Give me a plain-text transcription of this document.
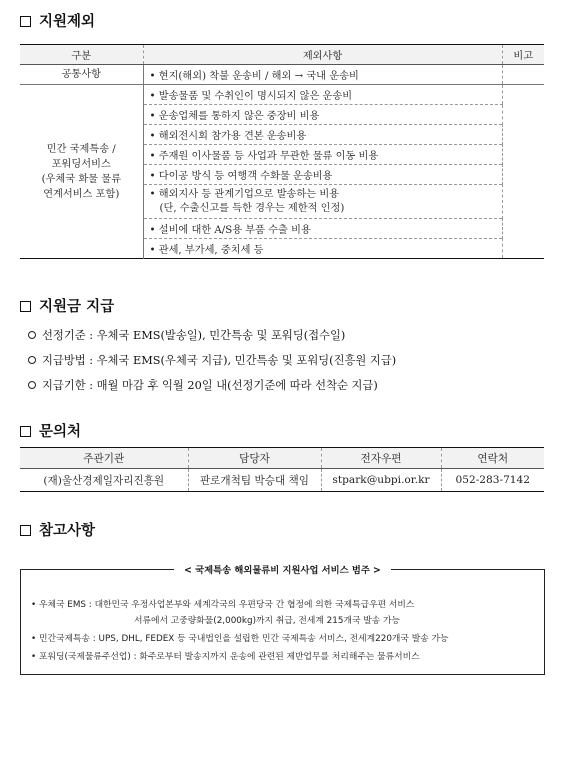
지원제외
구분	제외사항	비고
공통사항	• 현지(해외) 착불 운송비 / 해외 → 국내 운송비	

민간 국제특송 /
포워딩서비스
(우체국 화물 물류
연계서비스 포함)	• 발송물품 및 수취인이 명시되지 않은 운송비	
	• 운송업체를 통하지 않은 중장비 비용	
	• 해외전시회 참가용 견본 운송비용	
	• 주재원 이사물품 등 사업과 무관한 물류 이동 비용	
	• 다이공 방식 등 여행객 수화물 운송비용	
	• 해외지사 등 관계기업으로 발송하는 비용
(단, 수출신고를 득한 경우는 제한적 인정)	

	• 설비에 대한 A/S용 부품 수출 비용	
	• 관세, 부가세, 중치세 등	
지원금 지급
선정기준 : 우체국 EMS(발송일), 민간특송 및 포워딩(접수일)
지급방법 : 우체국 EMS(우체국 지급), 민간특송 및 포워딩(진흥원 지급)
지급기한 : 매월 마감 후 익월 20일 내(선정기준에 따라 선착순 지급)
문의처
주관기관	담당자	전자우편	연락처
(재)울산경제일자리진흥원	판로개척팀 박승대 책임	stpark@ubpi.or.kr	052-283-7142
참고사항
• 우체국 EMS : 대한민국 우정사업본부와 세계각국의 우편당국 간 협정에 의한 국제특급우편 서비스
서류에서 고중량화물(2,000kg)까지 취급, 전세계 215개국 발송 가능
• 민간국제특송 : UPS, DHL, FEDEX 등 국내법인을 설립한 민간 국제특송 서비스, 전세계220개국 발송 가능
• 포워딩(국제물류주선업) : 화주로부터 발송지까지 운송에 관련된 제반업무를 처리해주는 물류서비스
< 국제특송 해외물류비 지원사업 서비스 범주 >
